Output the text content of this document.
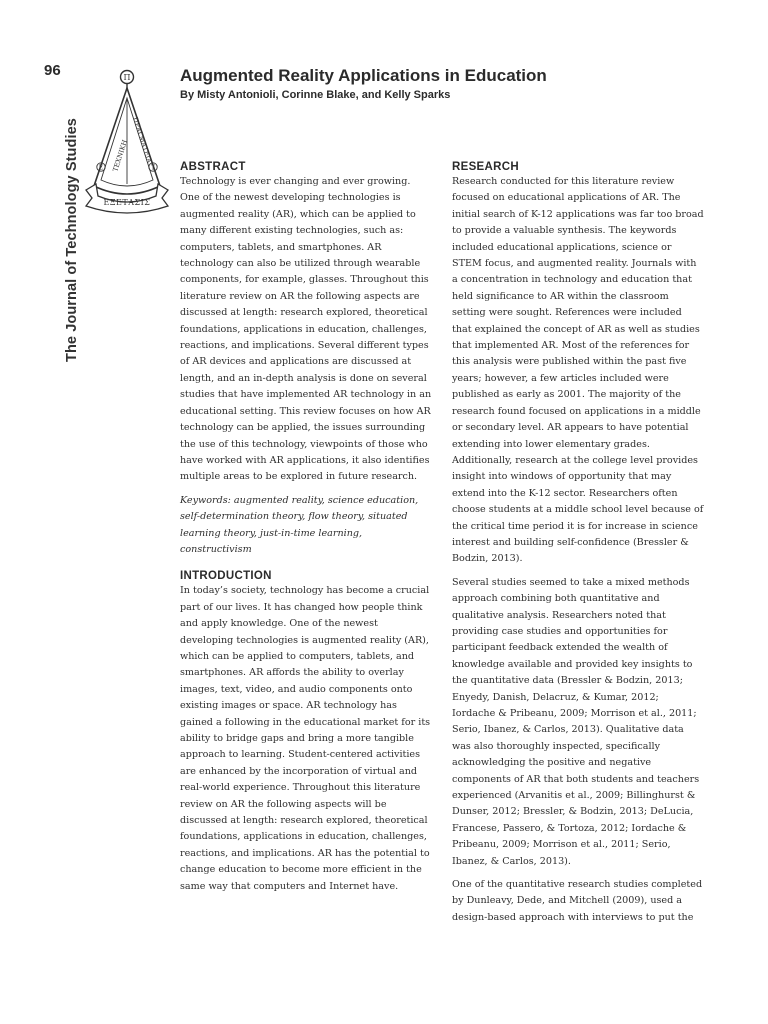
96
The Journal of Technology Studies
Π
TEXNIKH ΠΡΑΓΜΑΤΕΙΑ
E	T
ΕΞΕΤΑΣΙΣ
Augmented Reality Applications in Education
By Misty Antonioli, Corinne Blake, and Kelly Sparks
ABSTRACT

Technology is ever changing and ever growing. One of the newest developing technologies is augmented reality (AR), which can be applied to many different existing technologies, such as: computers, tablets, and smartphones. AR technology can also be utilized through wearable components, for example, glasses. Throughout this literature review on AR the following aspects are discussed at length: research explored, theoretical foundations, applications in education, challenges, reactions, and implications. Several different types of AR devices and applications are discussed at length, and an in-depth analysis is done on several studies that have implemented AR technology in an educational setting. This review focuses on how AR technology can be applied, the issues surrounding the use of this technology, viewpoints of those who have worked with AR applications, it also identifies multiple areas to be explored in future research.

Keywords: augmented reality, science education, self-determination theory, flow theory, situated learning theory, just-in-time learning, constructivism

INTRODUCTION

In today’s society, technology has become a crucial part of our lives. It has changed how people think and apply knowledge. One of the newest developing technologies is augmented reality (AR), which can be applied to computers, tablets, and smartphones. AR affords the ability to overlay images, text, video, and audio components onto existing images or space. AR technology has gained a following in the educational market for its ability to bridge gaps and bring a more tangible approach to learning. Student-centered activities are enhanced by the incorporation of virtual and real-world experience. Throughout this literature review on AR the following aspects will be discussed at length: research explored, theoretical foundations, applications in education, challenges, reactions, and implications. AR has the potential to change education to become more efficient in the same way that computers and Internet have.

RESEARCH

Research conducted for this literature review focused on educational applications of AR. The initial search of K-12 applications was far too broad to provide a valuable synthesis. The keywords included educational applications, science or STEM focus, and augmented reality. Journals with a concentration in technology and education that held significance to AR within the classroom setting were sought. References were included that explained the concept of AR as well as studies that implemented AR. Most of the references for this analysis were published within the past five years; however, a few articles included were published as early as 2001. The majority of the research found focused on applications in a middle or secondary level. AR appears to have potential extending into lower elementary grades. Additionally, research at the college level provides insight into windows of opportunity that may extend into the K-12 sector. Researchers often choose students at a middle school level because of the critical time period it is for increase in science interest and building self-confidence (Bressler & Bodzin, 2013).

Several studies seemed to take a mixed methods approach combining both quantitative and qualitative analysis. Researchers noted that providing case studies and opportunities for participant feedback extended the wealth of knowledge available and provided key insights to the quantitative data (Bressler & Bodzin, 2013; Enyedy, Danish, Delacruz, & Kumar, 2012; Iordache & Pribeanu, 2009; Morrison et al., 2011; Serio, Ibanez, & Carlos, 2013). Qualitative data was also thoroughly inspected, specifically acknowledging the positive and negative components of AR that both students and teachers experienced (Arvanitis et al., 2009; Billinghurst & Dunser, 2012; Bressler, & Bodzin, 2013; DeLucia, Francese, Passero, & Tortoza, 2012; Iordache & Pribeanu, 2009; Morrison et al., 2011; Serio, Ibanez, & Carlos, 2013).

One of the quantitative research studies completed by Dunleavy, Dede, and Mitchell (2009), used a design-based approach with interviews to put the
